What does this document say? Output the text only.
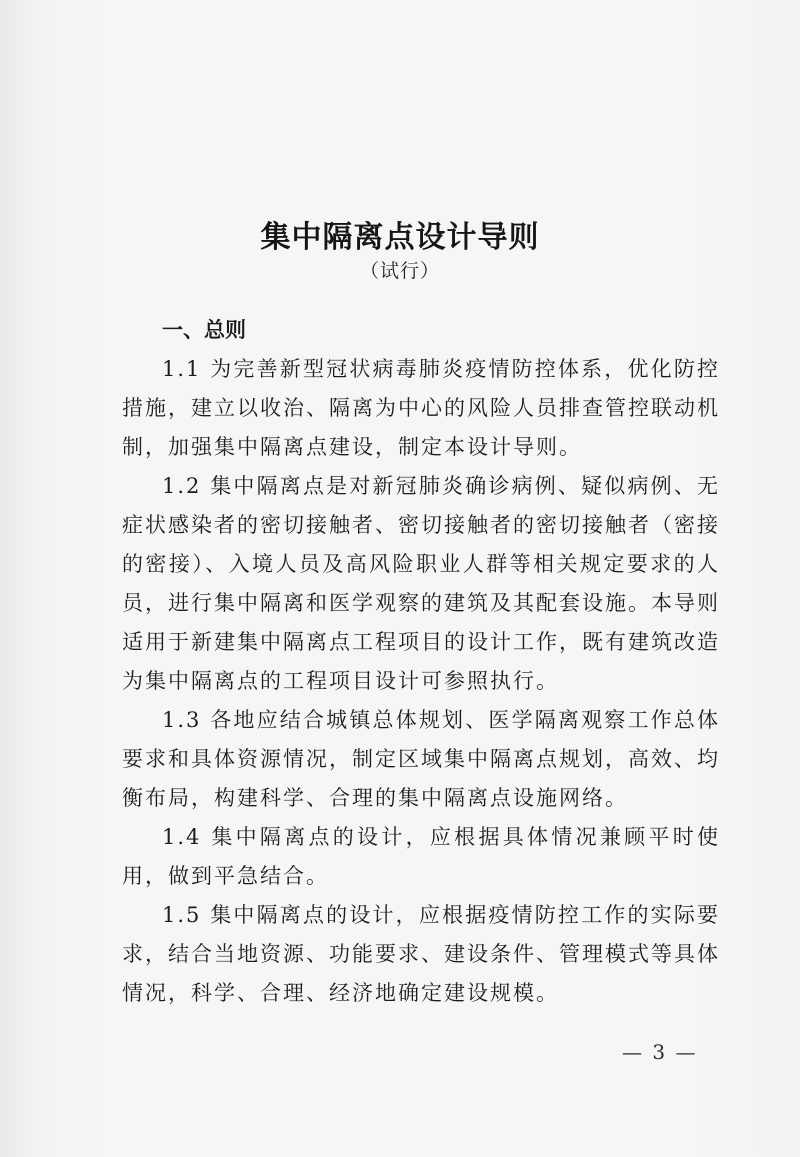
集中隔离点设计导则
（试行）
一、总则

1.1 为完善新型冠状病毒肺炎疫情防控体系，优化防控措施，建立以收治、隔离为中心的风险人员排查管控联动机制，加强集中隔离点建设，制定本设计导则。

1.2 集中隔离点是对新冠肺炎确诊病例、疑似病例、无症状感染者的密切接触者、密切接触者的密切接触者（密接的密接）、入境人员及高风险职业人群等相关规定要求的人员，进行集中隔离和医学观察的建筑及其配套设施。本导则适用于新建集中隔离点工程项目的设计工作，既有建筑改造为集中隔离点的工程项目设计可参照执行。

1.3 各地应结合城镇总体规划、医学隔离观察工作总体要求和具体资源情况，制定区域集中隔离点规划，高效、均衡布局，构建科学、合理的集中隔离点设施网络。

1.4 集中隔离点的设计，应根据具体情况兼顾平时使用，做到平急结合。

1.5 集中隔离点的设计，应根据疫情防控工作的实际要求，结合当地资源、功能要求、建设条件、管理模式等具体情况，科学、合理、经济地确定建设规模。

— 3 —
